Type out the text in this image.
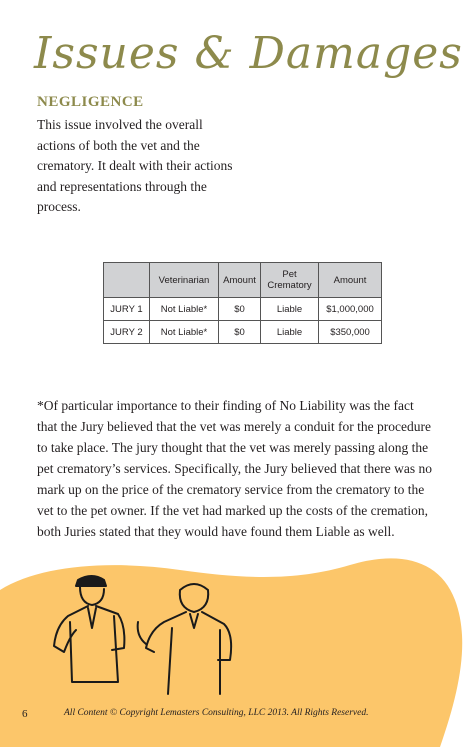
Issues & Damages
NEGLIGENCE
This issue involved the overall actions of both the vet and the crematory. It dealt with their actions and representations through the process.
	Veterinarian	Amount	Pet Crematory	Amount
JURY 1	Not Liable*	$0	Liable	$1,000,000
JURY 2	Not Liable*	$0	Liable	$350,000
*Of particular importance to their finding of No Liability was the fact that the Jury believed that the vet was merely a conduit for the procedure to take place. The jury thought that the vet was merely passing along the pet crematory’s services. Specifically, the Jury believed that there was no mark up on the price of the crematory service from the crematory to the vet to the pet owner. If the vet had marked up the costs of the cremation, both Juries stated that they would have found them Liable as well.
6	All Content © Copyright Lemasters Consulting, LLC 2013. All Rights Reserved.
